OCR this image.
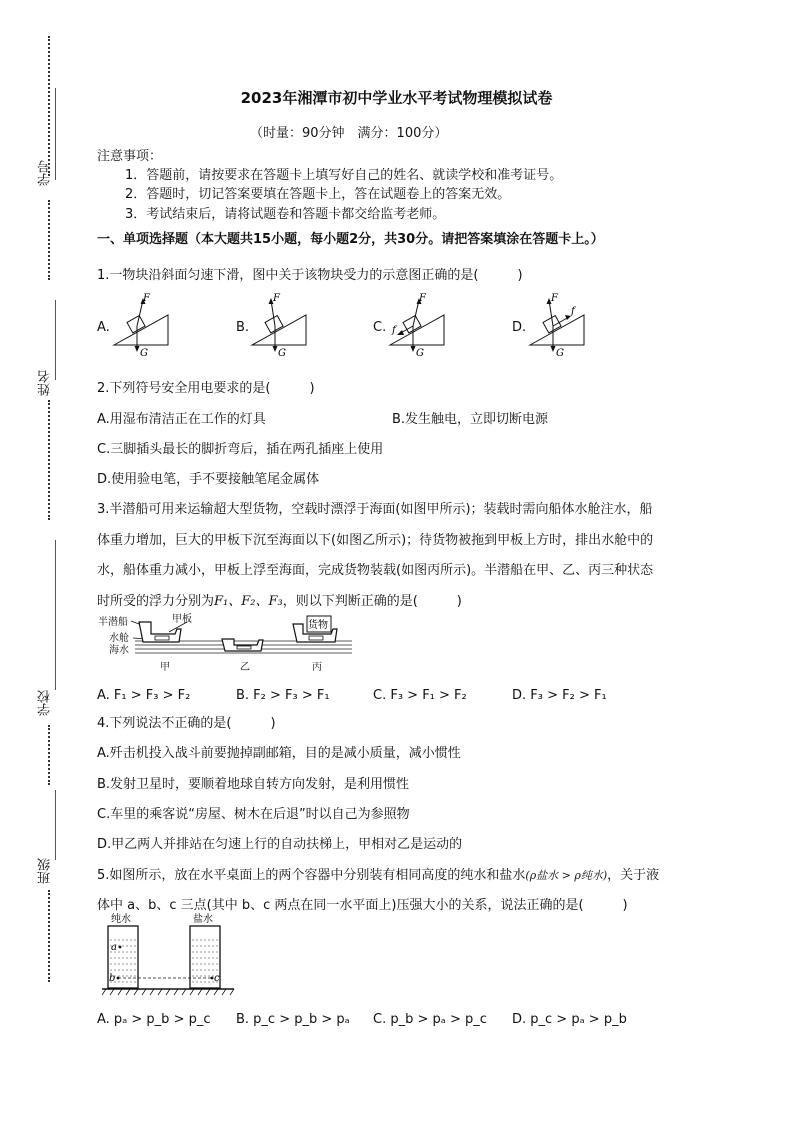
学号
姓名
学校
班级
2023年湘潭市初中学业水平考试物理模拟试卷
（时量：90分钟　满分：100分）
注意事项：
1．答题前，请按要求在答题卡上填写好自己的姓名、就读学校和准考证号。
2．答题时，切记答案要填在答题卡上，答在试题卷上的答案无效。
3．考试结束后，请将试题卷和答题卡都交给监考老师。
一、单项选择题（本大题共15小题，每小题2分，共30分。请把答案填涂在答题卡上。）
1.一物块沿斜面匀速下滑，图中关于该物块受力的示意图正确的是(　　　)
A.	B.	C.	D.
F
G
F
G
F
f
G
F
f
G
2.下列符号安全用电要求的是(　　　)
A.用湿布清洁正在工作的灯具	B.发生触电，立即切断电源
C.三脚插头最长的脚折弯后，插在两孔插座上使用
D.使用验电笔，手不要接触笔尾金属体
3.半潜船可用来运输超大型货物，空载时漂浮于海面(如图甲所示)；装载时需向船体水舱注水，船
体重力增加，巨大的甲板下沉至海面以下(如图乙所示)；待货物被拖到甲板上方时，排出水舱中的
水，船体重力减小，甲板上浮至海面，完成货物装载(如图丙所示)。半潜船在甲、乙、丙三种状态
时所受的浮力分别为F₁、F₂、F₃，则以下判断正确的是(　　　)
半潜船	甲板
水舱
海水
甲	乙	丙
货物
A. F₁ > F₃ > F₂	B. F₂ > F₃ > F₁	C. F₃ > F₁ > F₂	D. F₃ > F₂ > F₁
4.下列说法不正确的是(　　　)
A.歼击机投入战斗前要抛掉副邮箱，目的是减小质量，减小惯性
B.发射卫星时，要顺着地球自转方向发射，是利用惯性
C.车里的乘客说“房屋、树木在后退”时以自己为参照物
D.甲乙两人并排站在匀速上行的自动扶梯上，甲相对乙是运动的
5.如图所示，放在水平桌面上的两个容器中分别装有相同高度的纯水和盐水(ρ盐水 > ρ纯水)，关于液
体中 a、b、c 三点(其中 b、c 两点在同一水平面上)压强大小的关系，说法正确的是(　　　)
a
b	c
纯水	盐水
A. pₐ > p_b > p_c B. p_c > p_b > pₐ C. p_b > pₐ > p_c D. p_c > pₐ > p_b
